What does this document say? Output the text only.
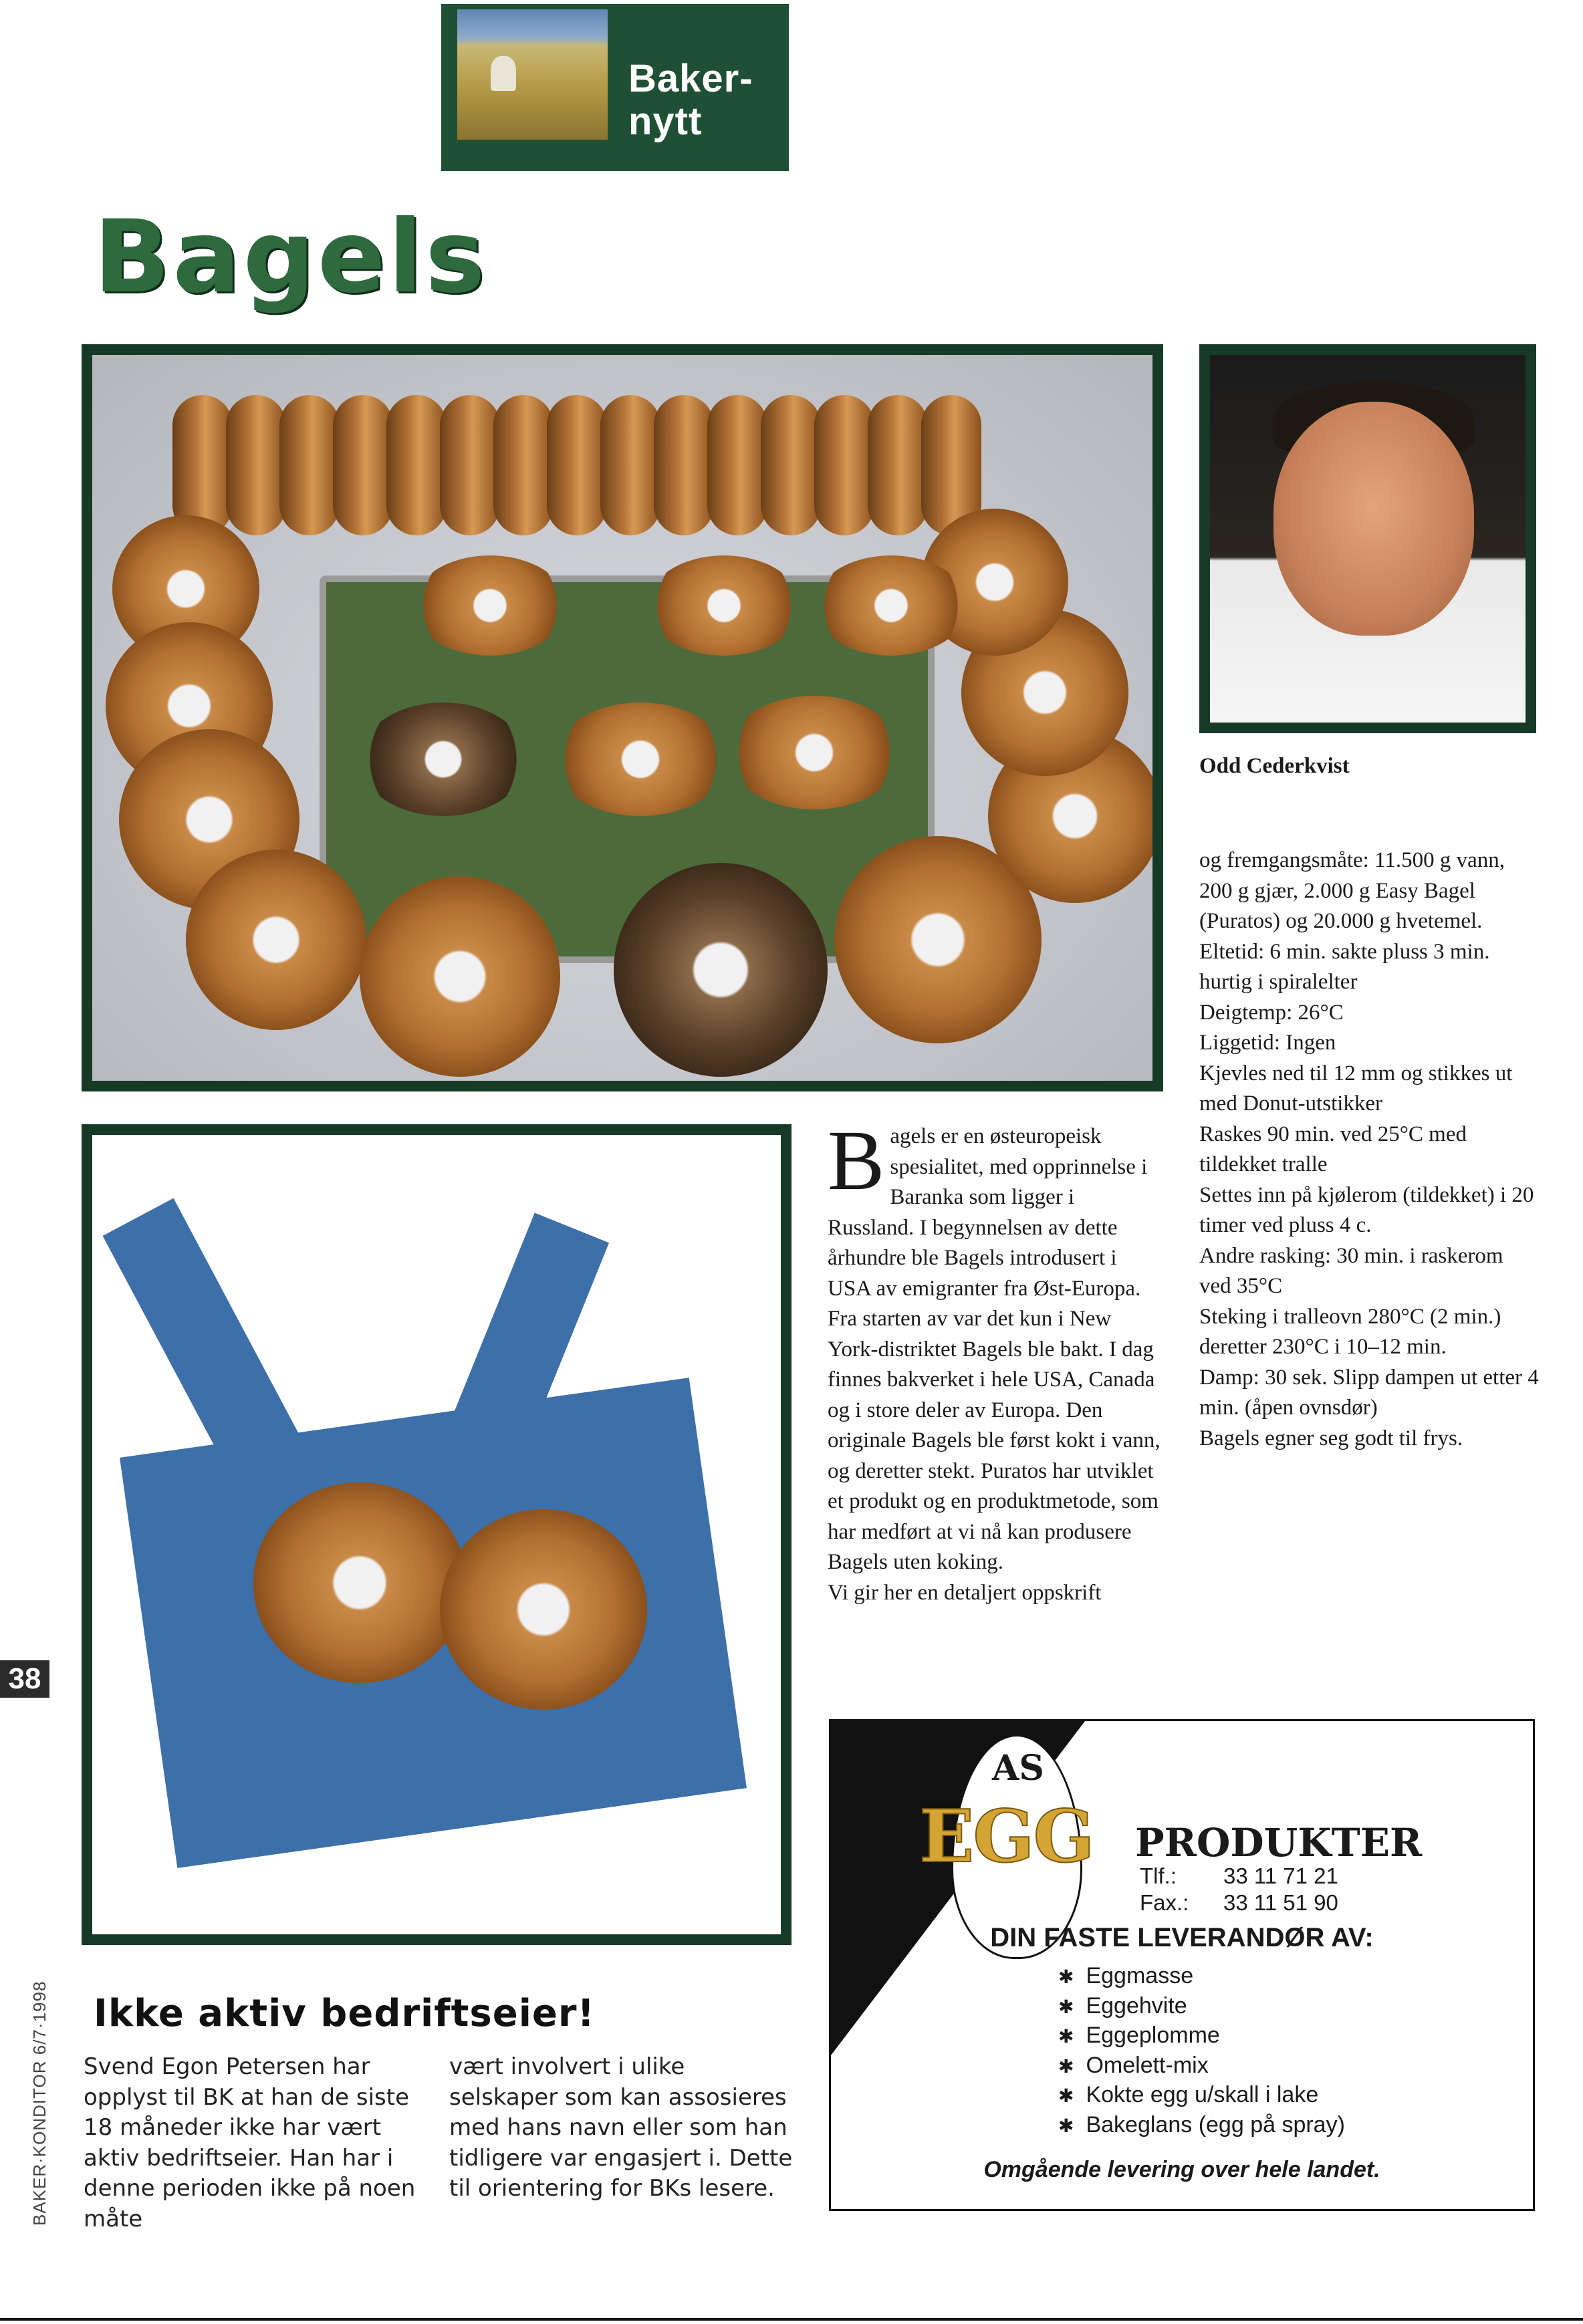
Baker-
nytt
Bagels
Odd Cederkvist
B agels er en østeuropeisk spesialitet, med opprinnelse i Baranka som ligger i Russland. I begynnelsen av dette århundre ble Bagels introdusert i USA av emigranter fra Øst-Europa. Fra starten av var det kun i New York-distriktet Bagels ble bakt. I dag finnes bakverket i hele USA, Canada og i store deler av Europa. Den originale Bagels ble først kokt i vann, og deretter stekt. Puratos har utviklet et produkt og en produktmetode, som har medført at vi nå kan produsere Bagels uten koking.
Vi gir her en detaljert oppskrift
og fremgangsmåte: 11.500 g vann, 200 g gjær, 2.000 g Easy Bagel (Puratos) og 20.000 g hvetemel.
Eltetid: 6 min. sakte pluss 3 min. hurtig i spiralelter
Deigtemp: 26°C
Liggetid: Ingen
Kjevles ned til 12 mm og stikkes ut med Donut-utstikker
Raskes 90 min. ved 25°C med tildekket tralle
Settes inn på kjølerom (tildekket) i 20 timer ved pluss 4 c.
Andre rasking: 30 min. i raskerom ved 35°C
Steking i tralleovn 280°C (2 min.) deretter 230°C i 10–12 min.
Damp: 30 sek. Slipp dampen ut etter 4 min. (åpen ovnsdør)
Bagels egner seg godt til frys.
38
BAKER·KONDITOR 6/7·1998 Ikke aktiv bedriftseier!
Svend Egon Petersen har opplyst til BK at han de siste 18 måneder ikke har vært aktiv bedriftseier. Han har i denne perioden ikke på noen måte
vært involvert i ulike selskaper som kan assosieres med hans navn eller som han tidligere var engasjert i. Dette til orientering for BKs lesere.
AS
EGG PRODUKTER
Tlf.: 33 11 71 21
Fax.: 33 11 51 90
DIN FASTE LEVERANDØR AV:
✱ Eggmasse
✱ Eggehvite
✱ Eggeplomme
✱ Omelett-mix
✱ Kokte egg u/skall i lake
✱ Bakeglans (egg på spray)
Omgående levering over hele landet.
